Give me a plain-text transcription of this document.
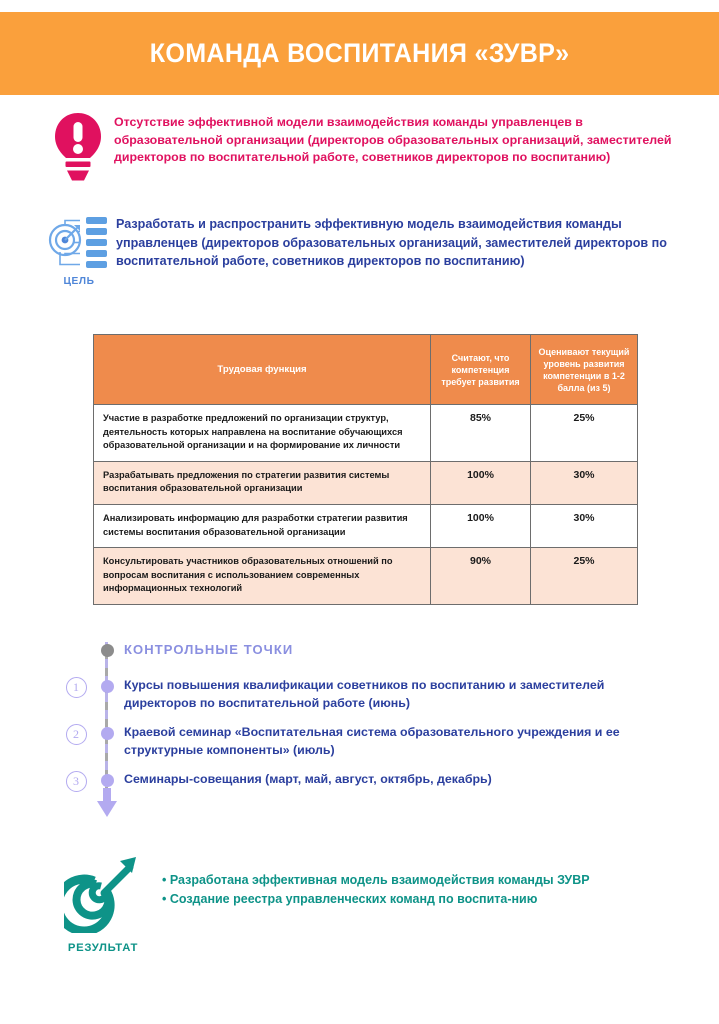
КОМАНДА ВОСПИТАНИЯ «ЗУВР»
Отсутствие эффективной модели взаимодействия команды управленцев в образовательной организации (директоров образовательных организаций, заместителей директоров по воспитательной работе, советников директоров по воспитанию)
ЦЕЛЬ
Разработать и распространить эффективную модель взаимодействия команды управленцев (директоров образовательных организаций, заместителей директоров по воспитательной работе, советников директоров по воспитанию)
Трудовая функция	Считают, что компетенция требует развития	Оценивают текущий уровень развития компетенции в 1-2 балла (из 5)
Участие в разработке предложений по организации структур, деятельность которых направлена на воспитание обучающихся образовательной организации и на формирование их личности	85%	25%
Разрабатывать предложения по стратегии развития системы воспитания образовательной организации	100%	30%
Анализировать информацию для разработки стратегии развития системы воспитания образовательной организации	100%	30%
Консультировать участников образовательных отношений по вопросам воспитания с использованием современных информационных технологий	90%	25%
КОНТРОЛЬНЫЕ ТОЧКИ
1	Курсы повышения квалификации советников по воспитанию и заместителей директоров по воспитательной работе (июнь)
2	Краевой семинар «Воспитательная система образовательного учреждения и ее структурные компоненты» (июль)
3	Семинары-совещания (март, май, август, октябрь, декабрь)
РЕЗУЛЬТАТ
• Разработана эффективная модель взаимодействия команды ЗУВР
• Создание реестра управленческих команд по воспита-нию
